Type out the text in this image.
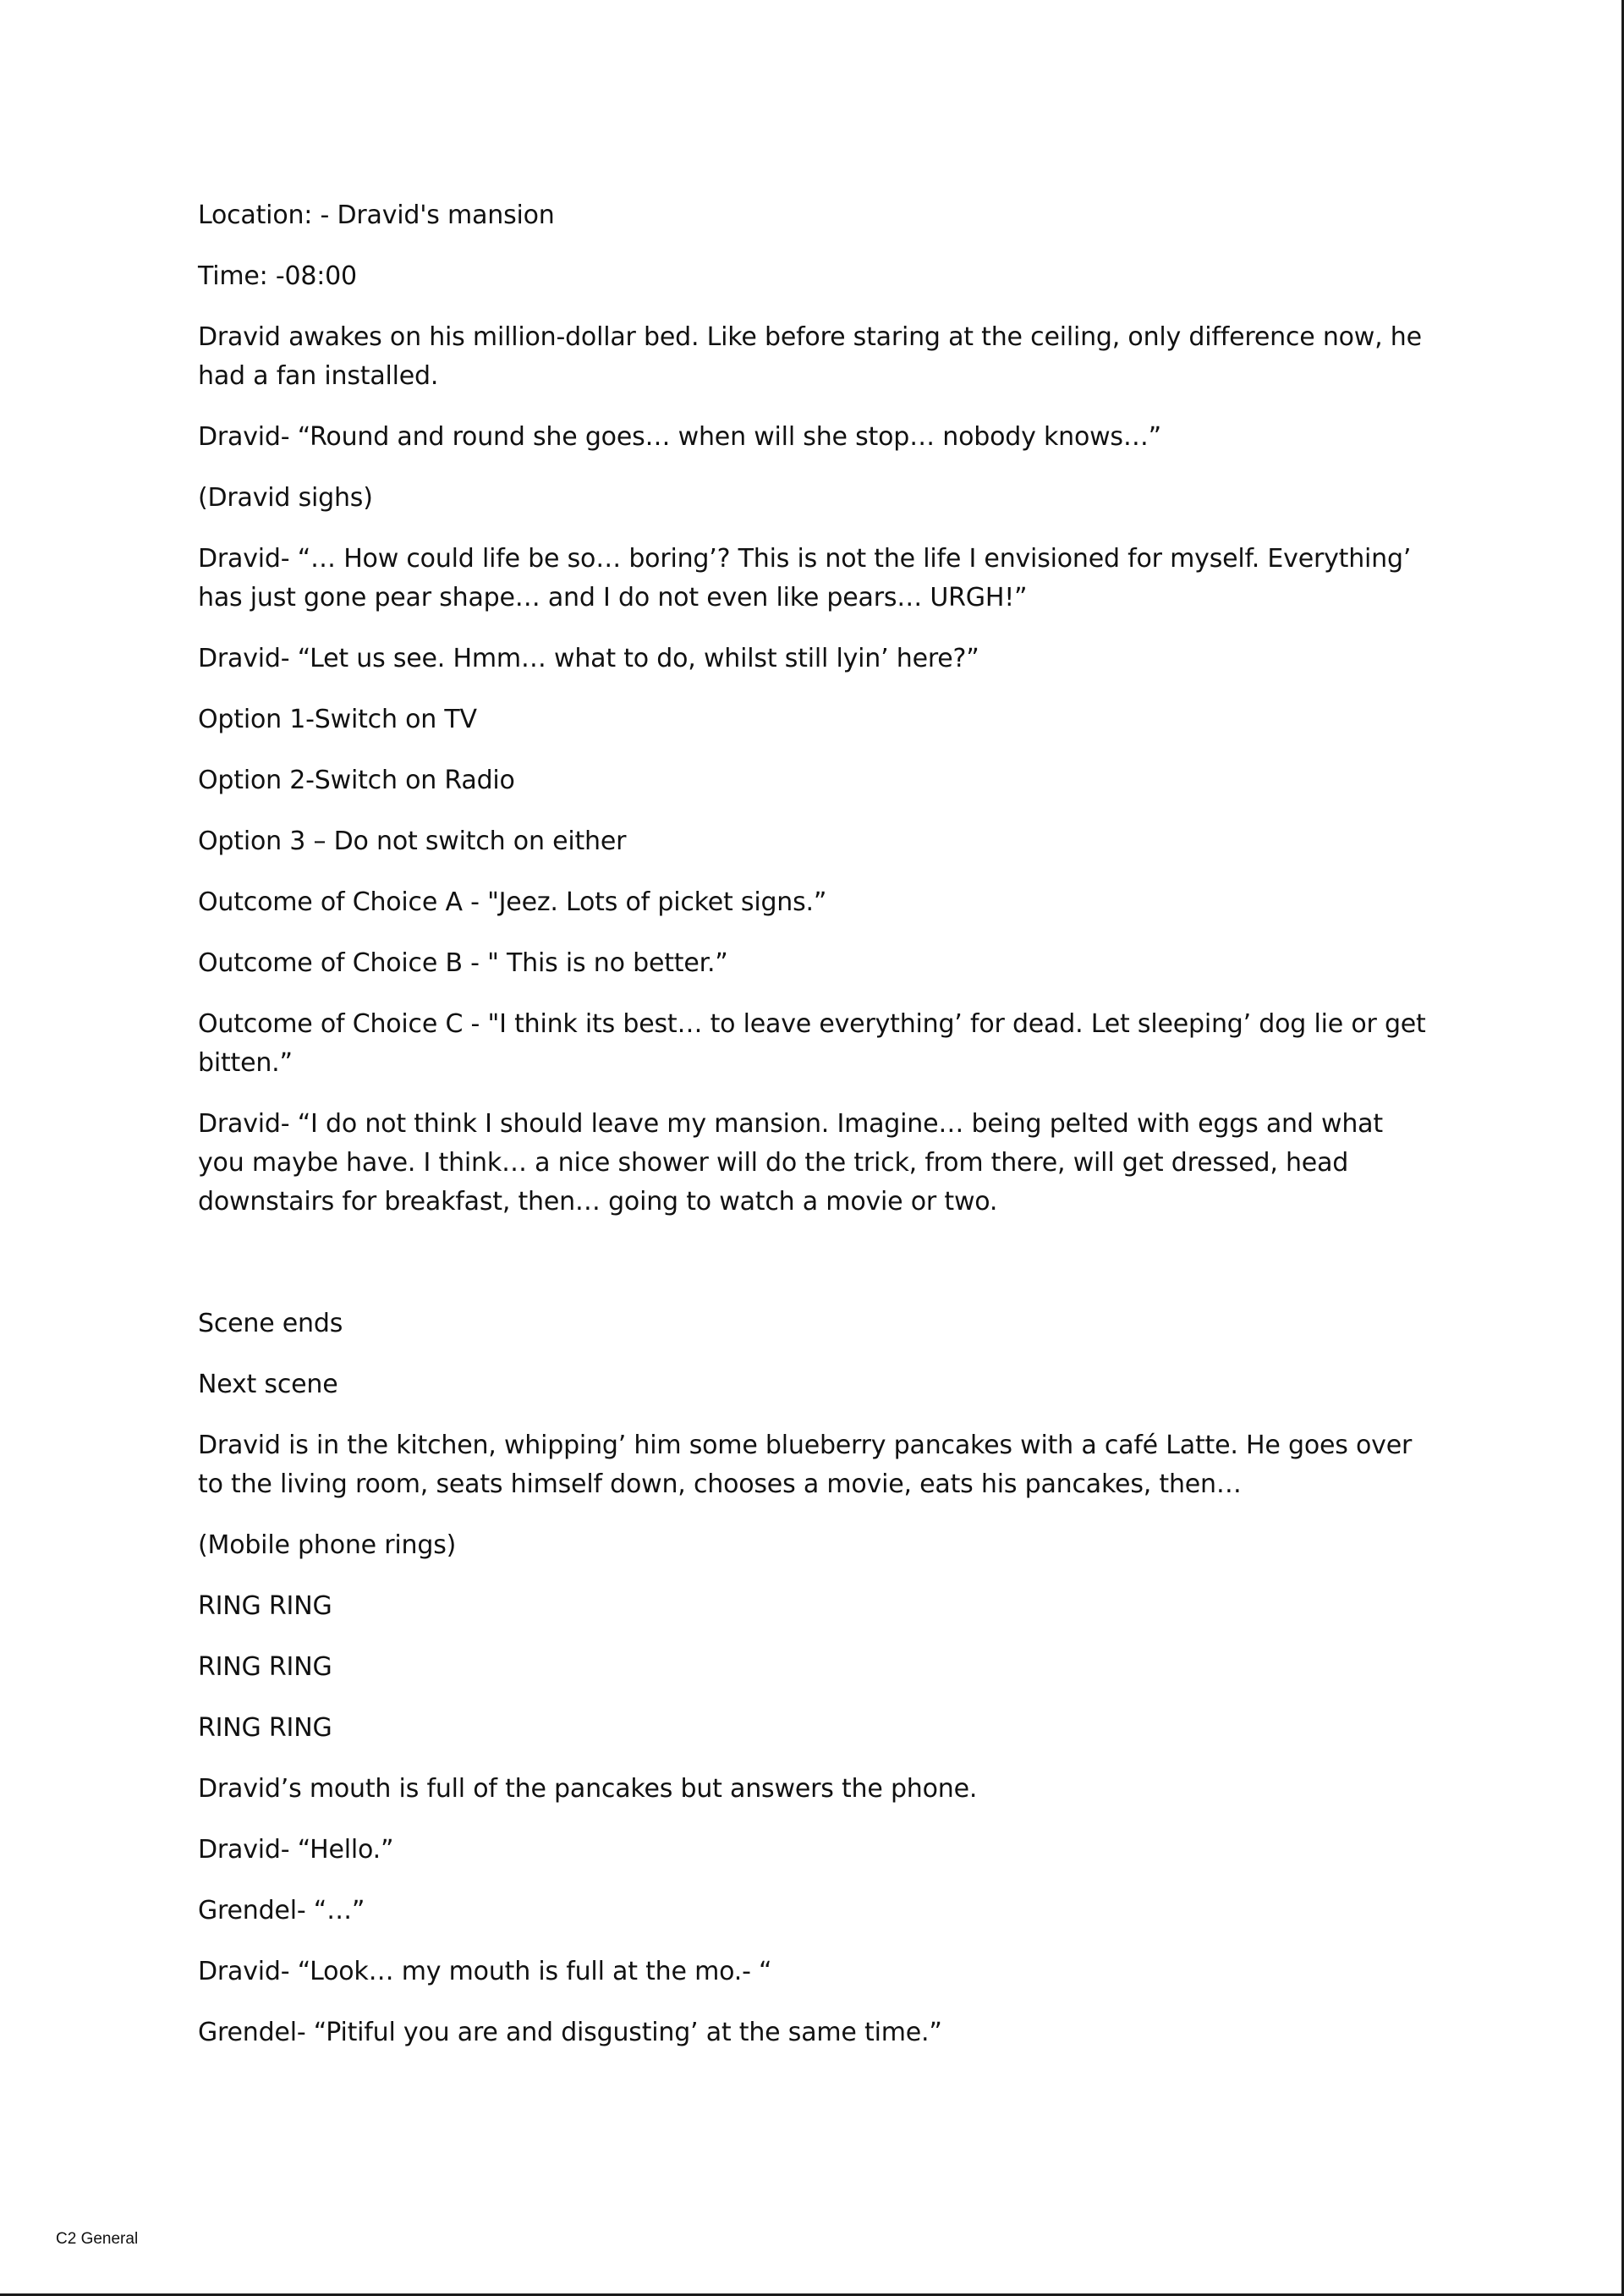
Location: - Dravid's mansion

Time: -08:00

Dravid awakes on his million-dollar bed. Like before staring at the ceiling, only difference now, he had a fan installed.

Dravid- “Round and round she goes… when will she stop… nobody knows…”

(Dravid sighs)

Dravid- “… How could life be so… boring’? This is not the life I envisioned for myself. Everything’ has just gone pear shape… and I do not even like pears… URGH!”

Dravid- “Let us see. Hmm… what to do, whilst still lyin’ here?”

Option 1-Switch on TV

Option 2-Switch on Radio

Option 3 – Do not switch on either

Outcome of Choice A - "Jeez. Lots of picket signs.”

Outcome of Choice B - " This is no better.”

Outcome of Choice C - "I think its best… to leave everything’ for dead. Let sleeping’ dog lie or get bitten.”

Dravid- “I do not think I should leave my mansion. Imagine… being pelted with eggs and what you maybe have. I think… a nice shower will do the trick, from there, will get dressed, head downstairs for breakfast, then… going to watch a movie or two.

Scene ends

Next scene

Dravid is in the kitchen, whipping’ him some blueberry pancakes with a café Latte. He goes over to the living room, seats himself down, chooses a movie, eats his pancakes, then…

(Mobile phone rings)

RING RING

RING RING

RING RING

Dravid’s mouth is full of the pancakes but answers the phone.

Dravid- “Hello.”

Grendel- “…”

Dravid- “Look… my mouth is full at the mo.- “

Grendel- “Pitiful you are and disgusting’ at the same time.”

C2 General
